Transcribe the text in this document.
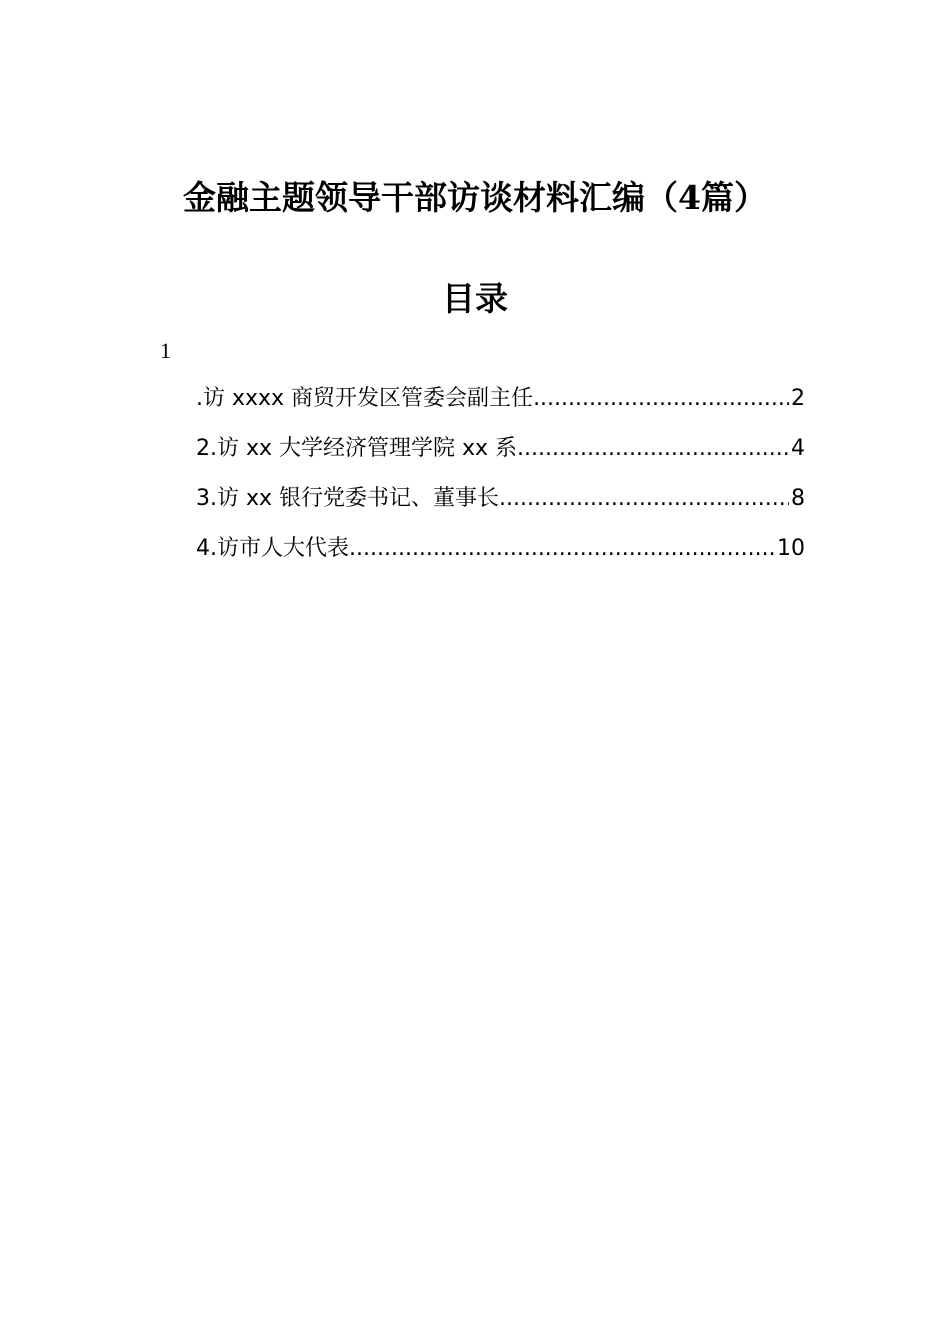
金融主题领导干部访谈材料汇编（4篇）
目录
1
.访 xxxx 商贸开发区管委会副主任 .....	2
2.访 xx 大学经济管理学院 xx 系 .....	4
3.访 xx 银行党委书记、董事长 .....	8
4.访市人大代表 .....	10
